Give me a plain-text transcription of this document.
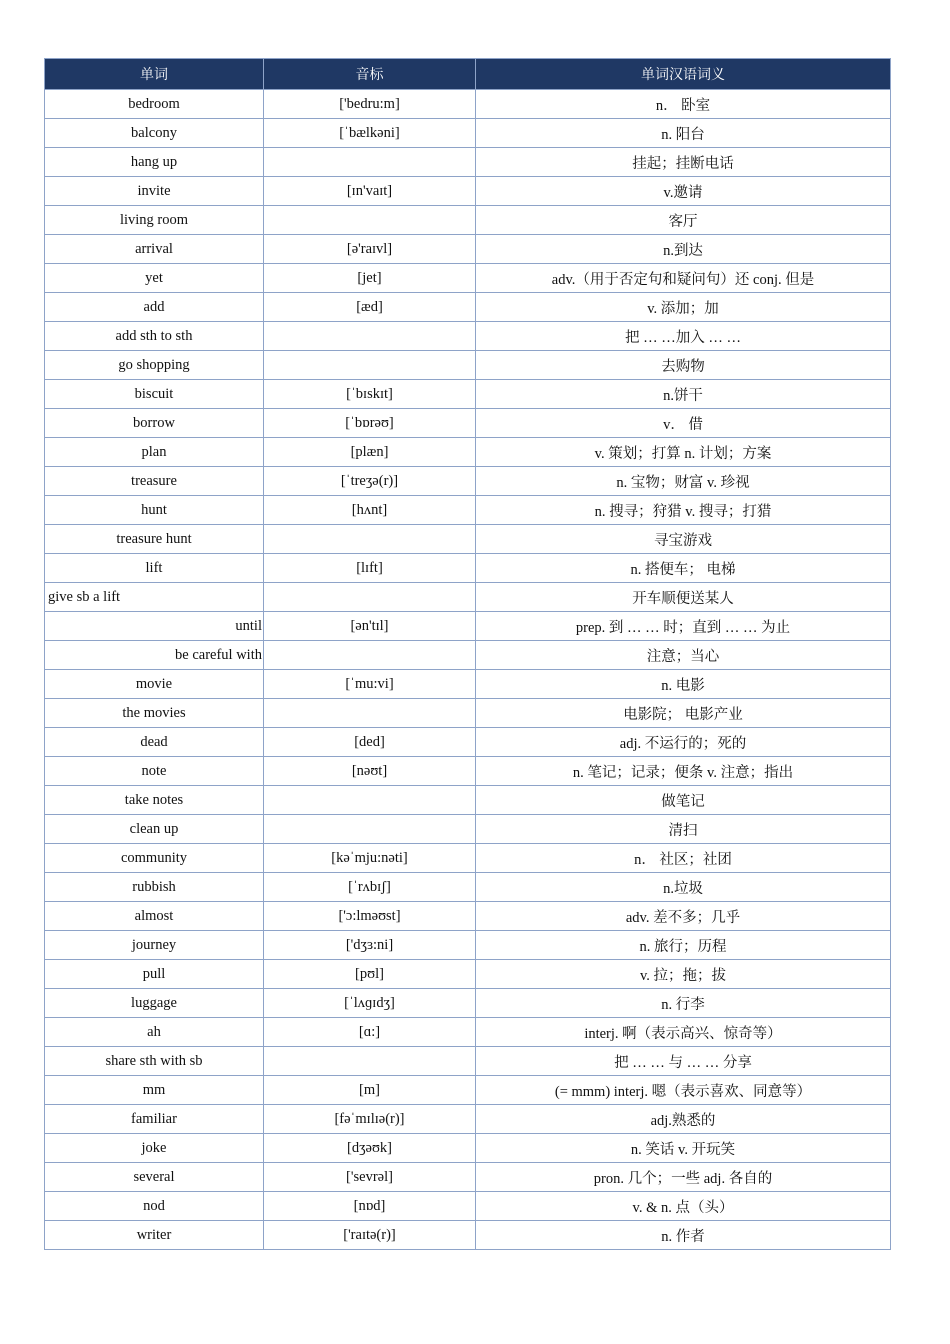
单词	音标	单词汉语词义
bedroom	['bedru:m]	n． 卧室
balcony	[ˈbælkəni]	n. 阳台
hang up		挂起；挂断电话
invite	[ɪn'vaɪt]	v.邀请
living room		客厅
arrival	[ə'raɪvl]	n.到达
yet	[jet]	adv.（用于否定句和疑问句）还 conj. 但是
add	[æd]	v. 添加；加
add sth to sth		把 … …加入 … …
go shopping		去购物
biscuit	[ˈbɪskɪt]	n.饼干
borrow	[ˈbɒrəʊ]	v． 借
plan	[plæn]	v. 策划；打算 n. 计划；方案
treasure	[ˈtreʒə(r)]	n. 宝物；财富 v. 珍视
hunt	[hʌnt]	n. 搜寻；狩猎 v. 搜寻；打猎
treasure hunt		寻宝游戏
lift	[lɪft]	n. 搭便车； 电梯
give sb a lift		开车顺便送某人
until	[ən'tɪl]	prep. 到 … … 时；直到 … … 为止
be careful with		注意；当心
movie	[ˈmu:vi]	n. 电影
the movies		电影院； 电影产业
dead	[ded]	adj. 不运行的；死的
note	[nəʊt]	n. 笔记；记录；便条 v. 注意；指出
take notes		做笔记
clean up		清扫
community	[kəˈmju:nəti]	n． 社区；社团
rubbish	[ˈrʌbɪʃ]	n.垃圾
almost	['ɔ:lməʊst]	adv. 差不多；几乎
journey	['dʒɜ:ni]	n. 旅行；历程
pull	[pʊl]	v. 拉；拖；拔
luggage	[ˈlʌɡɪdʒ]	n. 行李
ah	[ɑ:]	interj. 啊（表示高兴、惊奇等）
share sth with sb		把 … … 与 … … 分享
mm	[m]	(= mmm) interj. 嗯（表示喜欢、同意等）
familiar	[fəˈmɪlɪə(r)]	adj.熟悉的
joke	[dʒəʊk]	n. 笑话 v. 开玩笑
several	['sevrəl]	pron. 几个；一些 adj. 各自的
nod	[nɒd]	v. & n. 点（头）
writer	['raɪtə(r)]	n. 作者
